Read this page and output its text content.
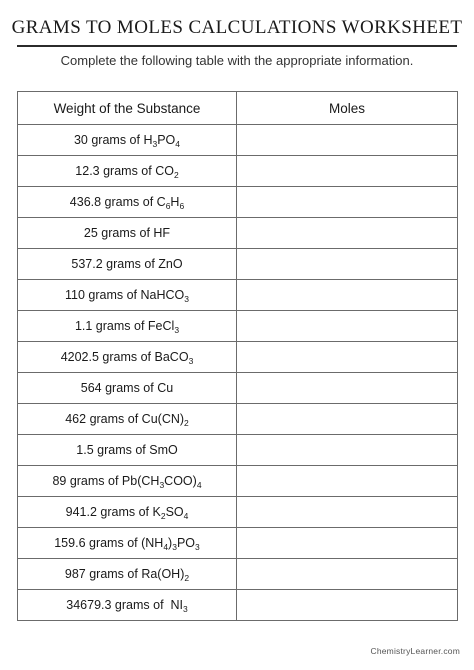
GRAMS TO MOLES CALCULATIONS WORKSHEET
Complete the following table with the appropriate information.
Weight of the Substance	Moles
30 grams of $H_3PO_4$	
12.3 grams of $CO_2$	
436.8 grams of $C_6H_6$	
25 grams of HF	
537.2 grams of ZnO	
110 grams of NaHCO$_3$	
1.1 grams of FeCl$_3$	
4202.5 grams of BaCO$_3$	
564 grams of Cu	
462 grams of $Cu(CN)_2$	
1.5 grams of SmO	
89 grams of $Pb(CH_3COO)_4$	
941.2 grams of $K_2SO_4$	
159.6 grams of $(NH_4)_3PO_3$	
987 grams of $Ra(OH)_2$	
34679.3 grams of  $NI_3$	
ChemistryLearner.com
